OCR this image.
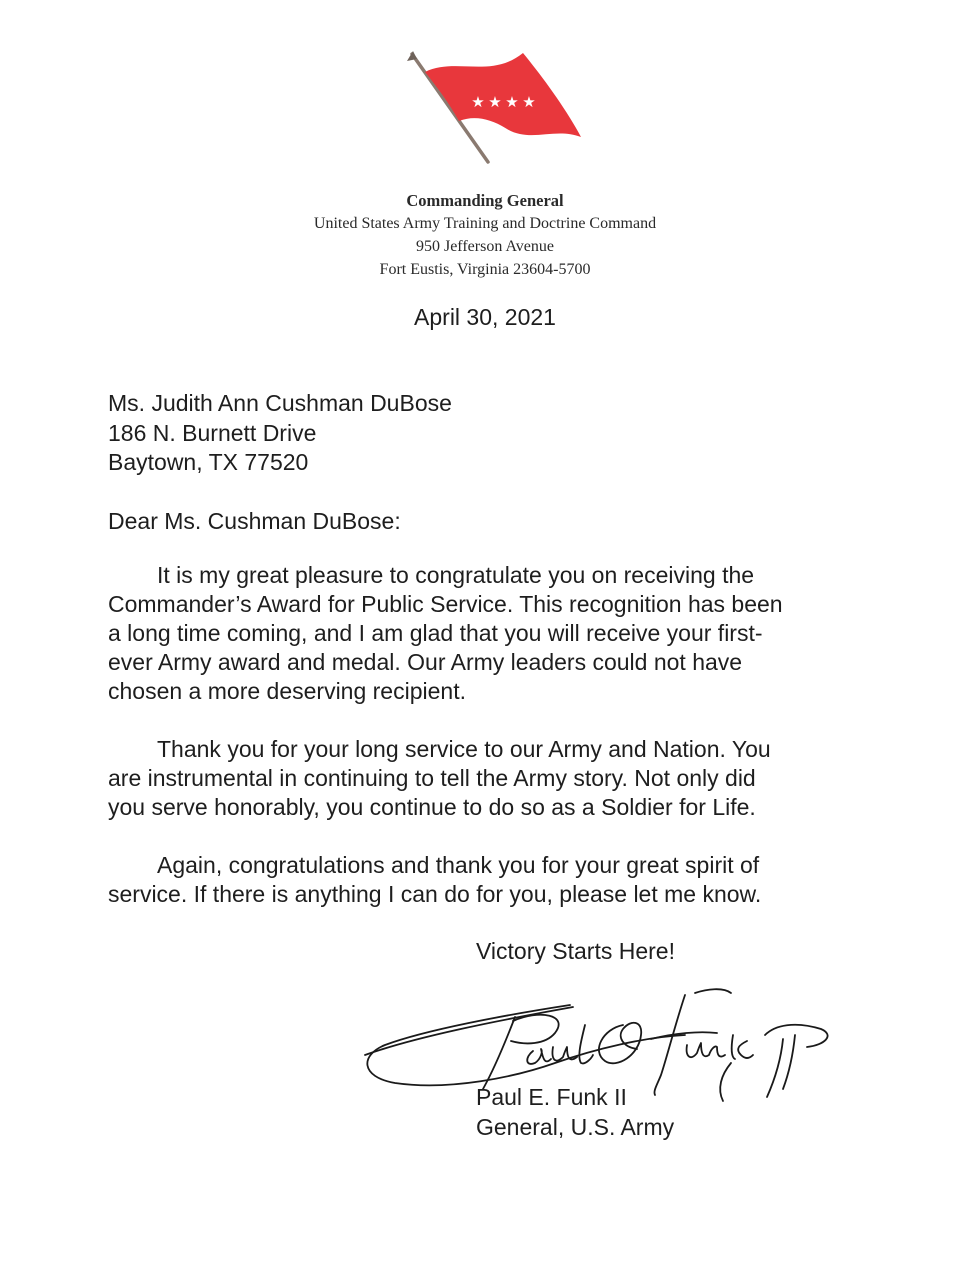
★ ★ ★ ★
Commanding General
United States Army Training and Doctrine Command
950 Jefferson Avenue
Fort Eustis, Virginia 23604-5700
April 30, 2021
Ms. Judith Ann Cushman DuBose
186 N. Burnett Drive
Baytown, TX 77520
Dear Ms. Cushman DuBose:
It is my great pleasure to congratulate you on receiving the
Commander’s Award for Public Service. This recognition has been
a long time coming, and I am glad that you will receive your first-
ever Army award and medal. Our Army leaders could not have
chosen a more deserving recipient.
Thank you for your long service to our Army and Nation. You
are instrumental in continuing to tell the Army story. Not only did
you serve honorably, you continue to do so as a Soldier for Life.
Again, congratulations and thank you for your great spirit of
service. If there is anything I can do for you, please let me know.
Victory Starts Here!
Paul E. Funk II
General, U.S. Army
